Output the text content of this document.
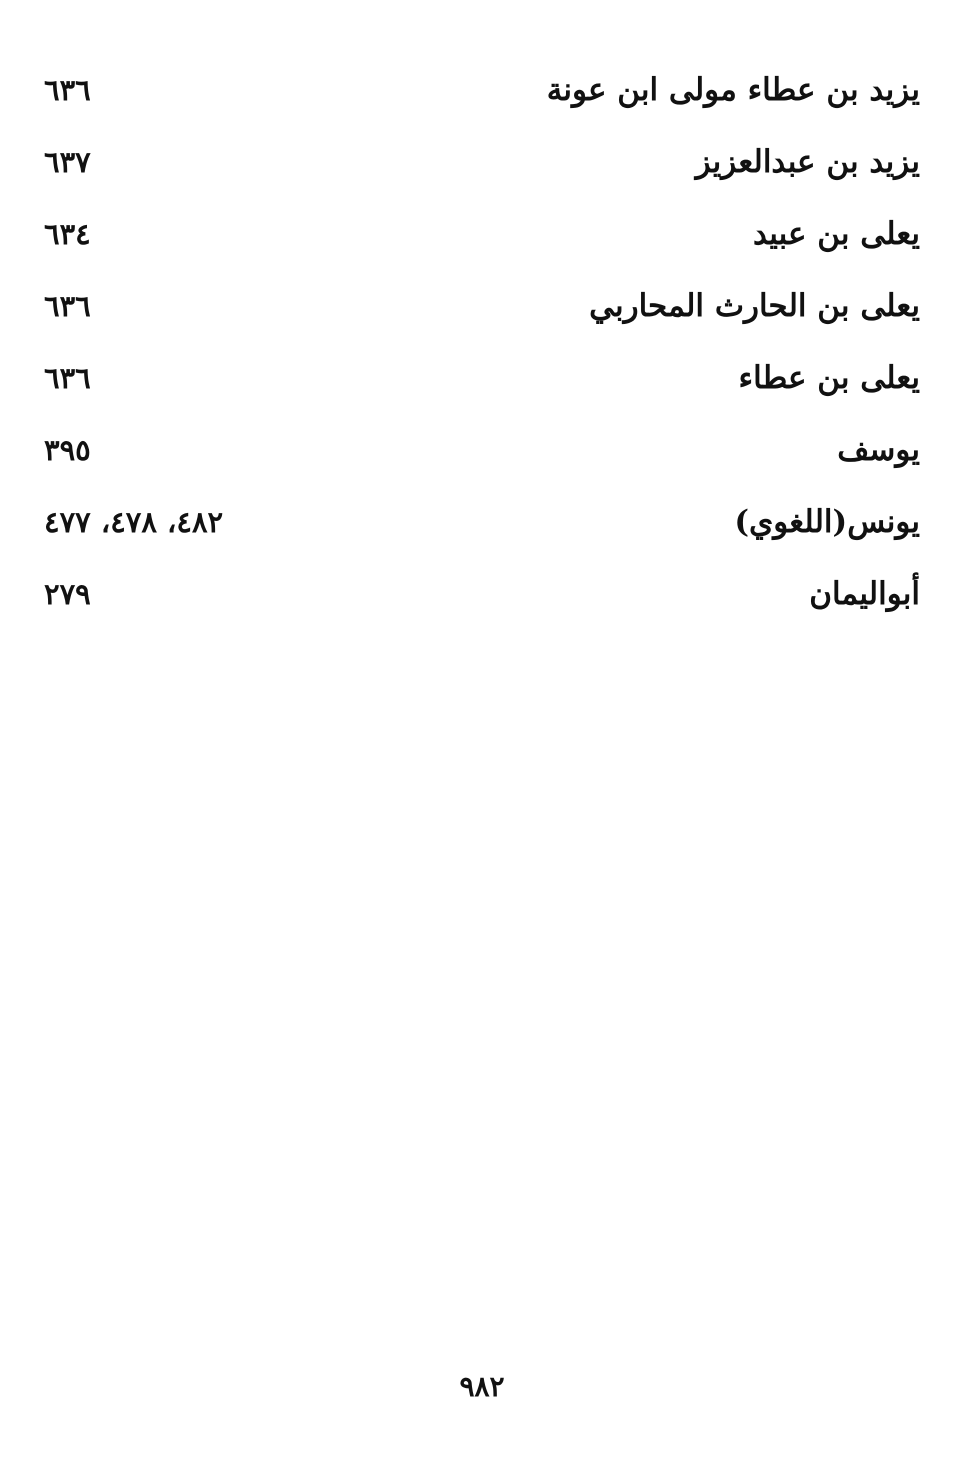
يزيد بن عطاء مولى ابن عونة
٦٣٦
يزيد بن عبدالعزيز
٦٣٧
يعلى بن عبيد
٦٣٤
يعلى بن الحارث المحاربي
٦٣٦
يعلى بن عطاء
٦٣٦
يوسف
٣٩٥
يونس(اللغوي)
٤٨٢، ٤٧٨، ٤٧٧
أبواليمان
٢٧٩
٩٨٢
